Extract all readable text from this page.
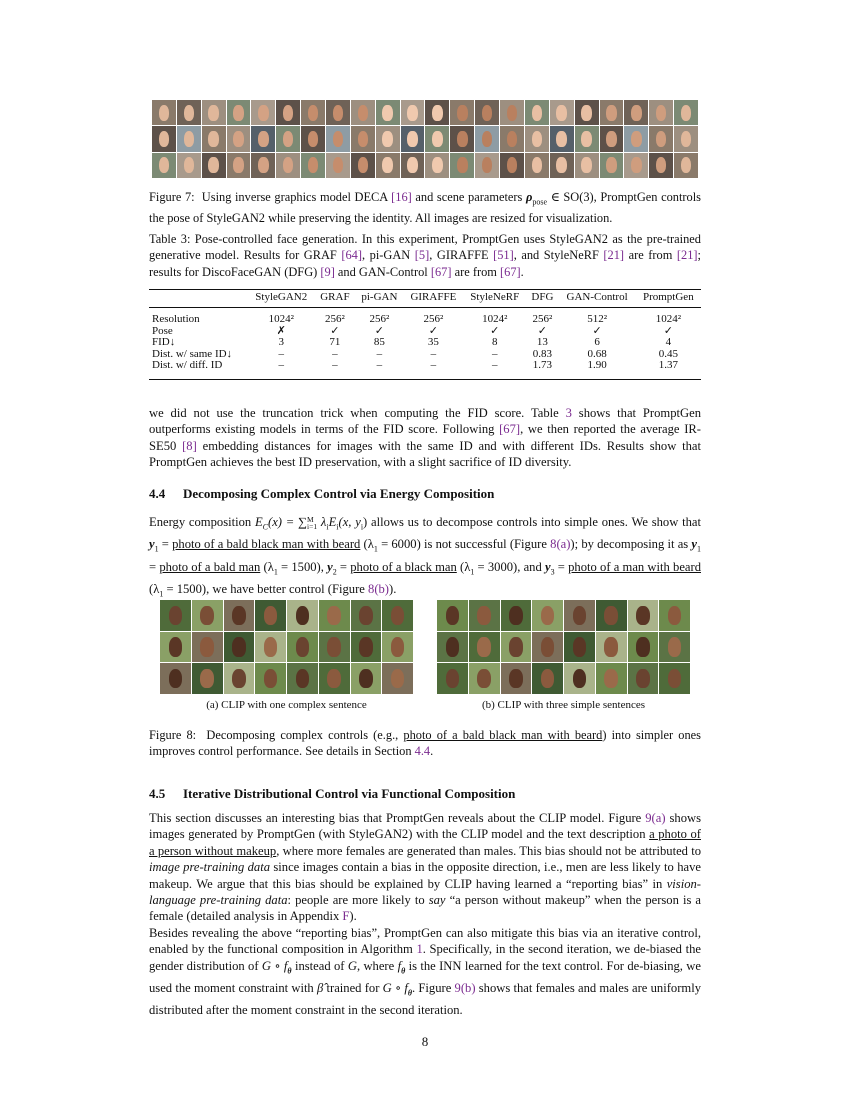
Figure 7: Using inverse graphics model DECA [16] and scene parameters $\rho_{pose}$ ∈ SO(3), PromptGen controls the pose of StyleGAN2 while preserving the identity. All images are resized for visualization.

Table 3: Pose-controlled face generation. In this experiment, PromptGen uses StyleGAN2 as the pre-trained generative model. Results for GRAF [64], pi-GAN [5], GIRAFFE [51], and StyleNeRF [21] are from [21]; results for DiscoFaceGAN (DFG) [9] and GAN-Control [67] are from [67].

	StyleGAN2	GRAF	pi-GAN	GIRAFFE	StyleNeRF	DFG	GAN-Control	PromptGen
Resolution	1024²	256²	256²	256²	1024²	256²	512²	1024²
Pose	✗	✓	✓	✓	✓	✓	✓	✓
FID↓	3	71	85	35	8	13	6	4
Dist. w/ same ID↓	–	–	–	–	–	0.83	0.68	0.45
Dist. w/ diff. ID	–	–	–	–	–	1.73	1.90	1.37

we did not use the truncation trick when computing the FID score. Table 3 shows that PromptGen outperforms existing models in terms of the FID score. Following [67], we then reported the average IR-SE50 [8] embedding distances for images with the same ID and with different IDs. Results show that PromptGen achieves the best ID preservation, with a slight sacrifice of ID diversity.

4.4 Decomposing Complex Control via Energy Composition

Energy composition $E_C(x)$ = ∑ M
i=1 $\lambda_iE_i(x$, $y_i$) allows us to decompose controls into simple ones. We show that $y_1$ = photo of a bald black man with beard $(\lambda_1 = 6000)$ is not successful (Figure 8(a)); by decomposing it as $y_1$ = photo of a bald man $(\lambda_1 = 1500)$, $y_2$ = photo of a black man $(\lambda_1 = 3000)$, and $y_3$ = photo of a man with beard $(\lambda_1 = 1500)$, we have better control (Figure 8(b)).

(a) CLIP with one complex sentence	(b) CLIP with three simple sentences

Figure 8: Decomposing complex controls (e.g., photo of a bald black man with beard) into simpler ones improves control performance. See details in Section 4.4.

4.5 Iterative Distributional Control via Functional Composition

This section discusses an interesting bias that PromptGen reveals about the CLIP model. Figure 9(a) shows images generated by PromptGen (with StyleGAN2) with the CLIP model and the text description a photo of a person without makeup, where more females are generated than males. This bias should not be attributed to image pre-training data since images contain a bias in the opposite direction, i.e., men are less likely to have makeup. We argue that this bias should be explained by CLIP having learned a “reporting bias” in vision-language pre-training data: people are more likely to say “a person without makeup” when the person is a female (detailed analysis in Appendix F).

Besides revealing the above “reporting bias”, PromptGen can also mitigate this bias via an iterative control, enabled by the functional composition in Algorithm 1. Specifically, in the second iteration, we de-biased the gender distribution of G ∘ $f_\theta$ instead of G, where $f_\theta$ is the INN learned for the text control. For de-biasing, we used the moment constraint with β̂ trained for G ∘ $f_\theta$. Figure 9(b) shows that females and males are uniformly distributed after the moment constraint in the second iteration.

8
